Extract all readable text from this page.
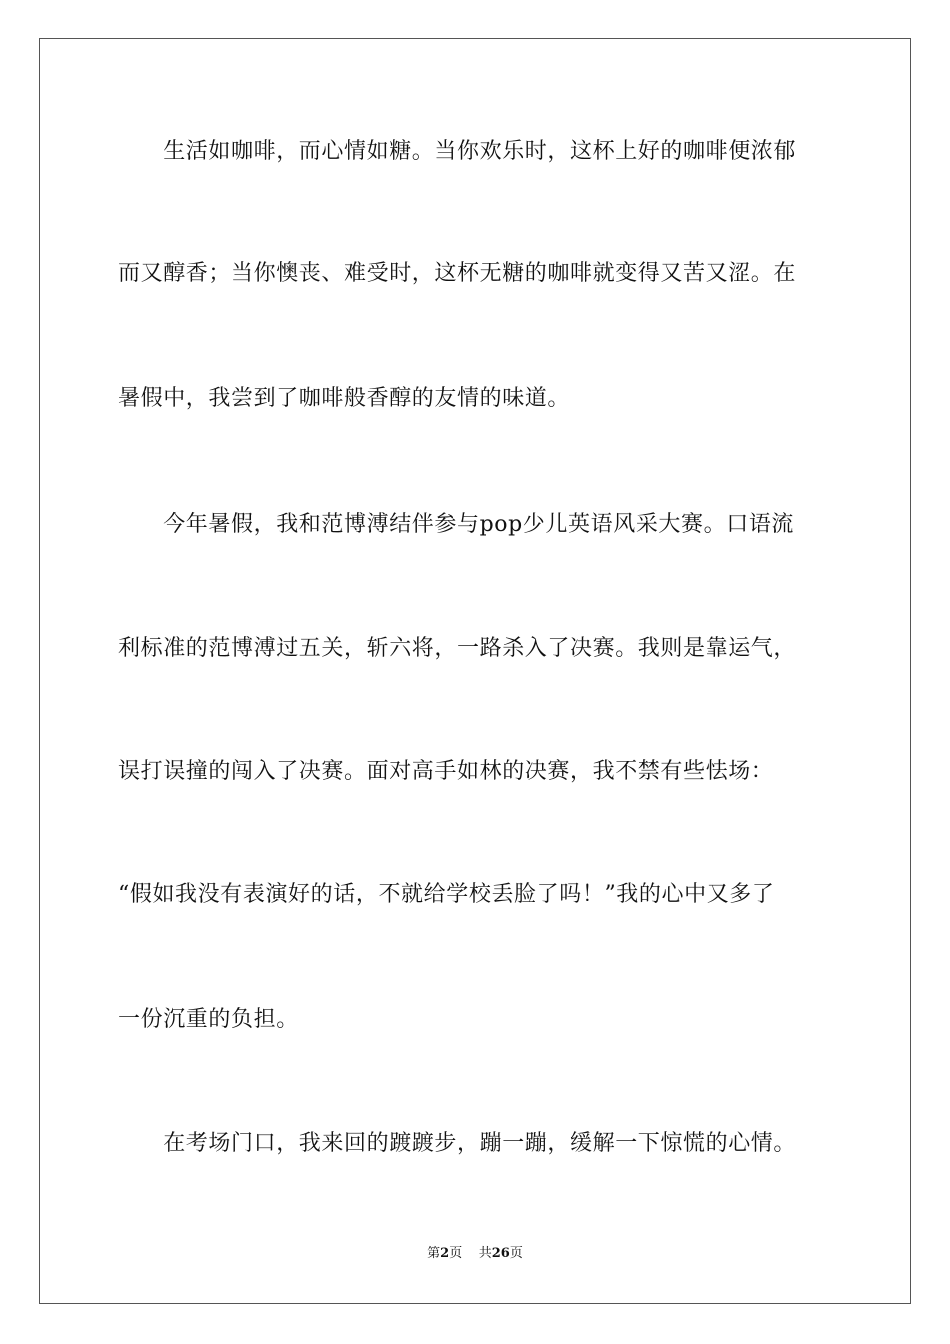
　　生活如咖啡，而心情如糖。当你欢乐时，这杯上好的咖啡便浓郁
而又醇香；当你懊丧、难受时，这杯无糖的咖啡就变得又苦又涩。在
暑假中，我尝到了咖啡般香醇的友情的味道。
　　今年暑假，我和范博溥结伴参与pop少儿英语风采大赛。口语流
利标准的范博溥过五关，斩六将，一路杀入了决赛。我则是靠运气，
误打误撞的闯入了决赛。面对高手如林的决赛，我不禁有些怯场：
“假如我没有表演好的话，不就给学校丢脸了吗！”我的心中又多了
一份沉重的负担。
　　在考场门口，我来回的踱踱步，蹦一蹦，缓解一下惊慌的心情。
第2页 共26页
